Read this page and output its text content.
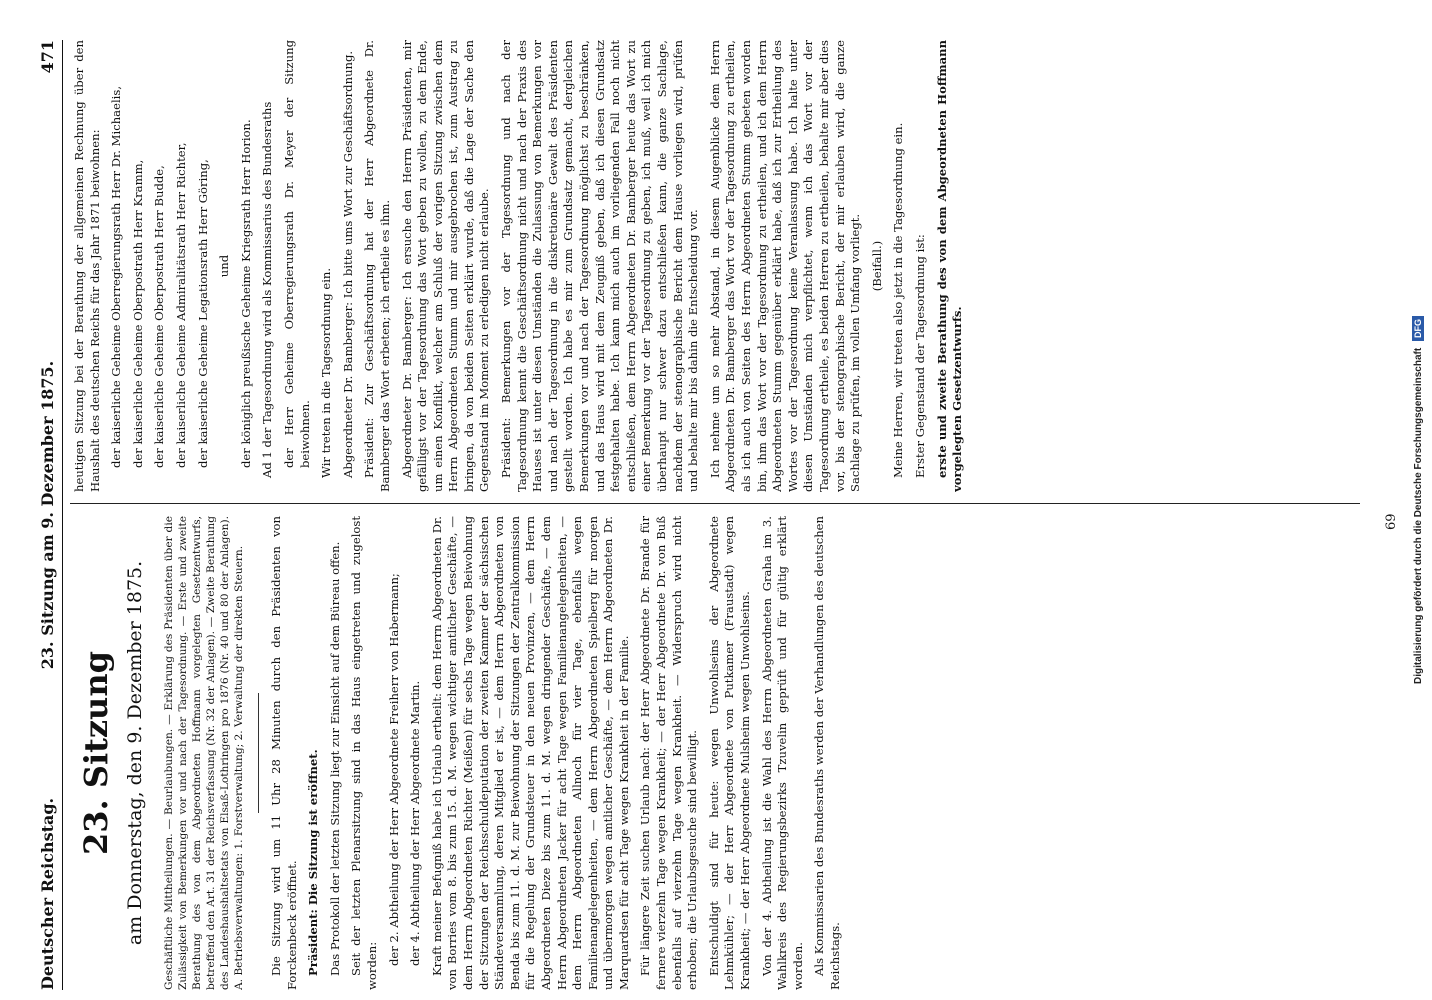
Deutscher Reichstag.
23. Sitzung am 9. Dezember 1875.
471
23. Sitzung am Donnerstag, den 9. Dezember 1875. Geschäftliche Mittheilungen. — Beurlaubungen. — Erklärung des Präsidenten über die Zulässigkeit von Bemerkungen vor und nach der Tagesordnung. — Erste und zweite Berathung des von dem Abgeordneten Hoffmann vorgelegten Gesetzentwurfs, betreffend den Art. 31 der Reichsverfassung (Nr. 32 der Anlagen). — Zweite Berathung des Landeshaushaltsetats von Elsaß-Lothringen pro 1876 (Nr. 40 und 80 der Anlagen). A. Betriebsverwaltungen: 1. Forstverwaltung; 2. Verwaltung der direkten Steuern. Die Sitzung wird um 11 Uhr 28 Minuten durch den Präsidenten von Forckenbeck eröffnet. Präsident: Die Sitzung ist eröffnet. Das Protokoll der letzten Sitzung liegt zur Einsicht auf dem Büreau offen. Seit der letzten Plenarsitzung sind in das Haus eingetreten und zugelost worden: der 2. Abtheilung der Herr Abgeordnete Freiherr von Habermann; der 4. Abtheilung der Herr Abgeordnete Martin. Kraft meiner Befugniß habe ich Urlaub ertheilt: dem Herrn Abgeordneten Dr. von Borries vom 8. bis zum 15. d. M. wegen wichtiger amtlicher Geschäfte, — dem Herrn Abgeordneten Richter (Meißen) für sechs Tage wegen Beiwohnung der Sitzungen der Reichsschuldeputation der zweiten Kammer der sächsischen Ständeversammlung, deren Mitglied er ist, — dem Herrn Abgeordneten von Benda bis zum 11. d. M. zur Beiwohnung der Sitzungen der Zentralkommission für die Regelung der Grundsteuer in den neuen Provinzen, — dem Herrn Abgeordneten Dieze bis zum 11. d. M. wegen dringender Geschäfte, — dem Herrn Abgeordneten Jacker für acht Tage wegen Familienangelegenheiten, — dem Herrn Abgeordneten Allnoch für vier Tage, ebenfalls wegen Familienangelegenheiten, — dem Herrn Abgeordneten Spielberg für morgen und übermorgen wegen amtlicher Geschäfte, — dem Herrn Abgeordneten Dr. Marquardsen für acht Tage wegen Krankheit in der Familie. Für längere Zeit suchen Urlaub nach: der Herr Abgeordnete Dr. Brande für fernere vierzehn Tage wegen Krankheit; — der Herr Abgeordnete Dr. von Buß ebenfalls auf vierzehn Tage wegen Krankheit. — Widerspruch wird nicht erhoben; die Urlaubsgesuche sind bewilligt. Entschuldigt sind für heute: wegen Unwohlseins der Abgeordnete Lehmkühler; — der Herr Abgeordnete von Putkamer (Fraustadt) wegen Krankheit; — der Herr Abgeordnete Mulsheim wegen Unwohlseins. Von der 4. Abtheilung ist die Wahl des Herrn Abgeordneten Graha im 3. Wahlkreis des Regierungsbezirks Tzuvelin geprüft und für gültig erklärt worden. Als Kommissarien des Bundesraths werden der Verhandlungen des deutschen Reichstags.

heutigen Sitzung bei der Berathung der allgemeinen Rechnung über den Haushalt des deutschen Reichs für das Jahr 1871 beiwohnen: der kaiserliche Geheime Oberregierungsrath Herr Dr. Michaelis, der kaiserliche Geheime Oberpostrath Herr Kramm, der kaiserliche Geheime Oberpostrath Herr Budde, der kaiserliche Geheime Admiralitätsrath Herr Richter, der kaiserliche Geheime Legationsrath Herr Göring, und der königlich preußische Geheime Kriegsrath Herr Horion. Ad 1 der Tagesordnung wird als Kommissarius des Bundesraths der Herr Geheime Oberregierungsrath Dr. Meyer der Sitzung beiwohnen. Wir treten in die Tagesordnung ein. Abgeordneter Dr. Bamberger: Ich bitte ums Wort zur Geschäftsordnung. Präsident: Zur Geschäftsordnung hat der Herr Abgeordnete Dr. Bamberger das Wort erbeten; ich ertheile es ihm. Abgeordneter Dr. Bamberger: Ich ersuche den Herrn Präsidenten, mir gefälligst vor der Tagesordnung das Wort geben zu wollen, zu dem Ende, um einen Konflikt, welcher am Schluß der vorigen Sitzung zwischen dem Herrn Abgeordneten Stumm und mir ausgebrochen ist, zum Austrag zu bringen, da von beiden Seiten erklärt wurde, daß die Lage der Sache den Gegenstand im Moment zu erledigen nicht erlaube. Präsident: Bemerkungen vor der Tagesordnung und nach der Tagesordnung kennt die Geschäftsordnung nicht und nach der Praxis des Hauses ist unter diesen Umständen die Zulassung von Bemerkungen vor und nach der Tagesordnung in die diskretionäre Gewalt des Präsidenten gestellt worden. Ich habe es mir zum Grundsatz gemacht, dergleichen Bemerkungen vor und nach der Tagesordnung möglichst zu beschränken, und das Haus wird mit dem Zeugniß geben, daß ich diesen Grundsatz festgehalten habe. Ich kann mich auch im vorliegenden Fall noch nicht entschließen, dem Herrn Abgeordneten Dr. Bamberger heute das Wort zu einer Bemerkung vor der Tagesordnung zu geben, ich muß, weil ich mich überhaupt nur schwer dazu entschließen kann, die ganze Sachlage, nachdem der stenographische Bericht dem Hause vorliegen wird, prüfen und behalte mir bis dahin die Entscheidung vor. Ich nehme um so mehr Abstand, in diesem Augenblicke dem Herrn Abgeordneten Dr. Bamberger das Wort vor der Tagesordnung zu ertheilen, als ich auch von Seiten des Herrn Abgeordneten Stumm gebeten worden bin, ihm das Wort vor der Tagesordnung zu ertheilen, und ich dem Herrn Abgeordneten Stumm gegenüber erklärt habe, daß ich zur Ertheilung des Wortes vor der Tagesordnung keine Veranlassung habe. Ich halte unter diesen Umständen mich verpflichtet, wenn ich das Wort vor der Tagesordnung ertheile, es beiden Herren zu ertheilen, behalte mir aber dies vor, bis der stenographische Bericht, der mir erlauben wird, die ganze Sachlage zu prüfen, im vollen Umfang vorliegt. (Beifall.) Meine Herren, wir treten also jetzt in die Tagesordnung ein. Erster Gegenstand der Tagesordnung ist: erste und zweite Berathung des von dem Abgeordneten Hoffmann vorgelegten Gesetzentwurfs.

69	Digitalisierung gefördert durch die Deutsche Forschungsgemeinschaft DFG
